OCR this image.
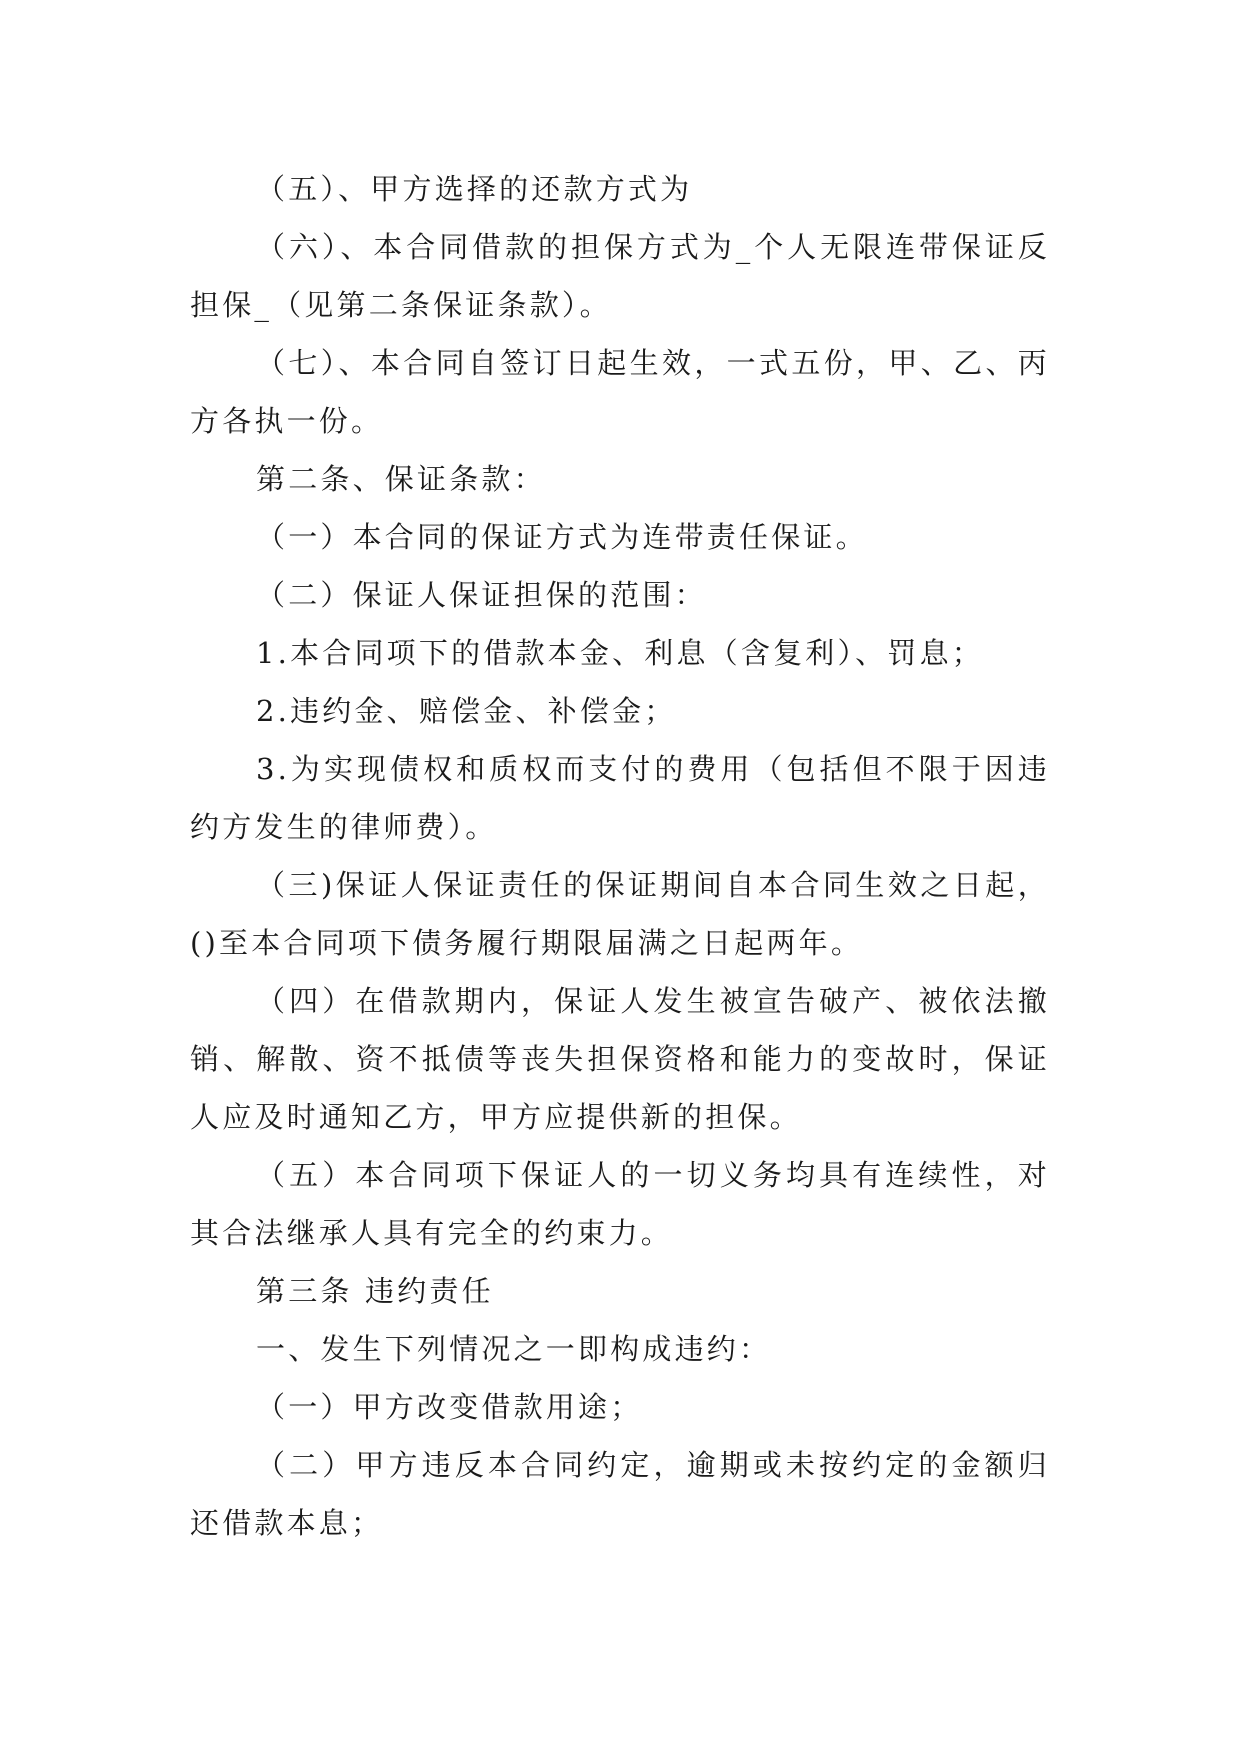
（五）、甲方选择的还款方式为

（六）、本合同借款的担保方式为_个人无限连带保证反担保_（见第二条保证条款）。

（七）、本合同自签订日起生效，一式五份，甲、乙、丙方各执一份。

第二条、保证条款：

（一）本合同的保证方式为连带责任保证。

（二）保证人保证担保的范围：

1.本合同项下的借款本金、利息（含复利）、罚息；

2.违约金、赔偿金、补偿金；

3.为实现债权和质权而支付的费用（包括但不限于因违约方发生的律师费）。

（三)保证人保证责任的保证期间自本合同生效之日起，()至本合同项下债务履行期限届满之日起两年。

（四）在借款期内，保证人发生被宣告破产、被依法撤销、解散、资不抵债等丧失担保资格和能力的变故时，保证人应及时通知乙方，甲方应提供新的担保。

（五）本合同项下保证人的一切义务均具有连续性，对其合法继承人具有完全的约束力。

第三条 违约责任

一、发生下列情况之一即构成违约：

（一）甲方改变借款用途；

（二）甲方违反本合同约定，逾期或未按约定的金额归还借款本息；
